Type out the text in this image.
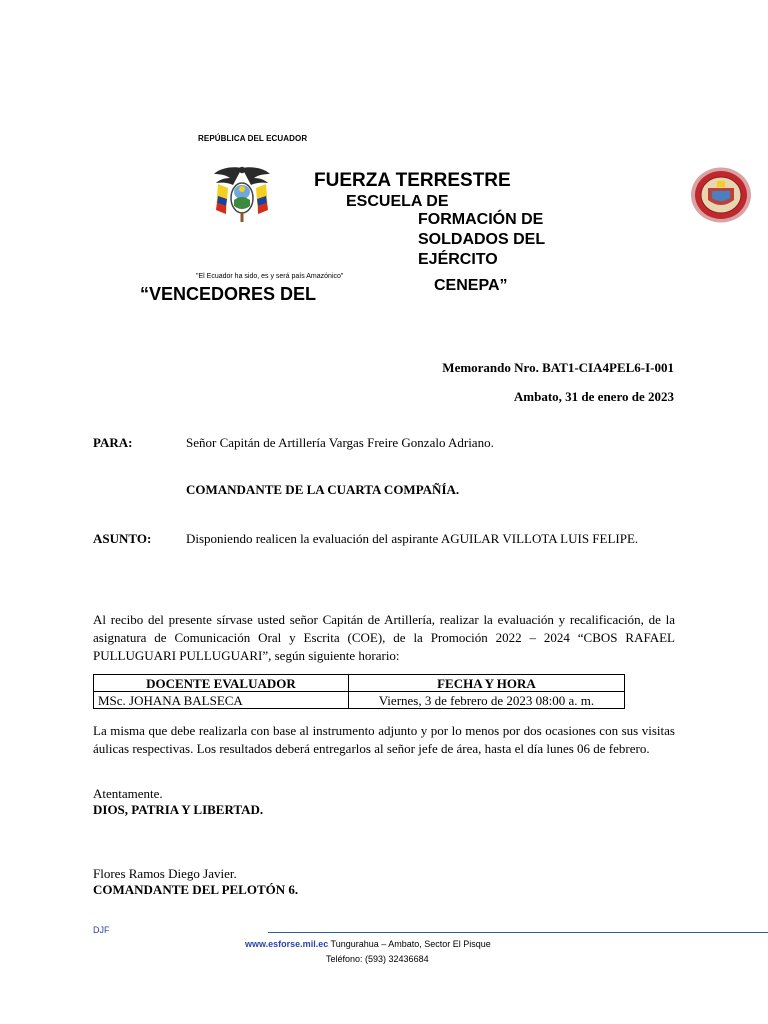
REPÚBLICA DEL ECUADOR
FUERZA TERRESTRE
ESCUELA DE
FORMACIÓN DE
SOLDADOS DEL
EJÉRCITO
"El Ecuador ha sido, es y será país Amazónico"
“VENCEDORES DEL	CENEPA”
Memorando Nro. BAT1-CIA4PEL6-I-001
Ambato, 31 de enero de 2023
PARA:	Señor Capitán de Artillería Vargas Freire Gonzalo Adriano.
COMANDANTE DE LA CUARTA COMPAÑÍA.
ASUNTO:	Disponiendo realicen la evaluación del aspirante AGUILAR VILLOTA LUIS FELIPE.
Al recibo del presente sírvase usted señor Capitán de Artillería, realizar la evaluación y recalificación, de la asignatura de Comunicación Oral y Escrita (COE), de la Promoción 2022 – 2024 “CBOS RAFAEL PULLUGUARI PULLUGUARI”, según siguiente horario:
DOCENTE EVALUADOR	FECHA Y HORA
MSc. JOHANA BALSECA	Viernes, 3 de febrero de 2023 08:00 a. m.
La misma que debe realizarla con base al instrumento adjunto y por lo menos por dos ocasiones con sus visitas áulicas respectivas. Los resultados deberá entregarlos al señor jefe de área, hasta el día lunes 06 de febrero.
Atentamente.
DIOS, PATRIA Y LIBERTAD.
Flores Ramos Diego Javier.
COMANDANTE DEL PELOTÓN 6.
DJF
www.esforse.mil.ec Tungurahua – Ambato, Sector El Pisque
Teléfono: (593) 32436684
